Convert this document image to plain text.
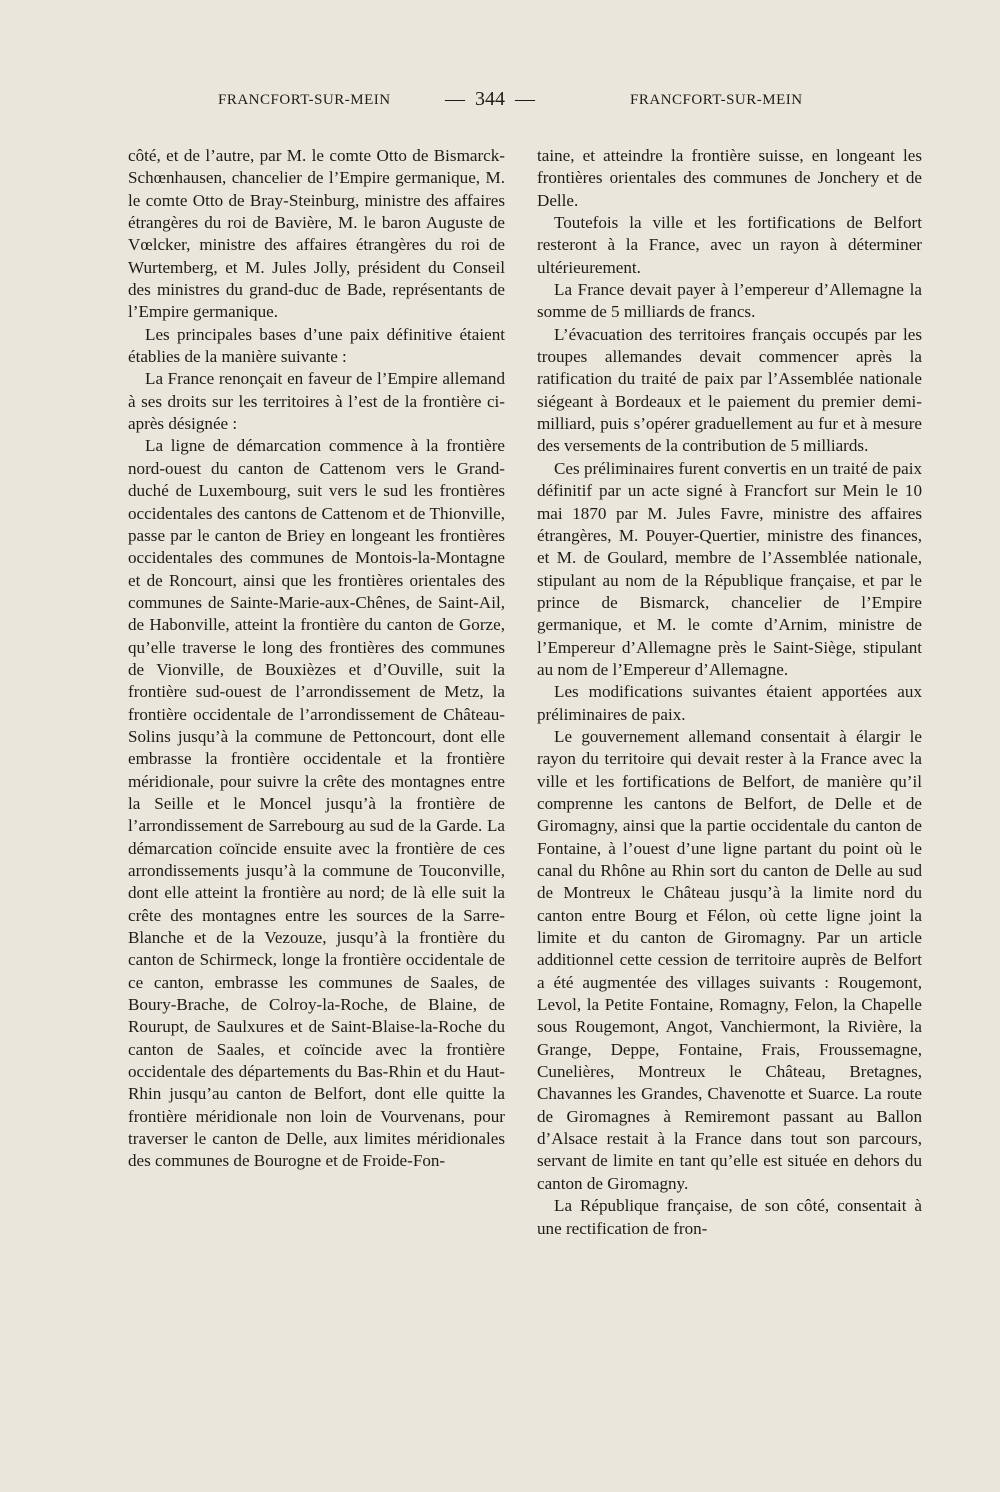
FRANCFORT-SUR-MEIN	—  344  —	FRANCFORT-SUR-MEIN

côté, et de l’autre, par M. le comte Otto de Bismarck-Schœnhausen, chancelier de l’Empire germanique, M. le comte Otto de Bray-Steinburg, ministre des affaires étrangères du roi de Bavière, M. le baron Auguste de Vœlcker, ministre des affaires étrangères du roi de Wurtemberg, et M. Jules Jolly, président du Conseil des ministres du grand-duc de Bade, représentants de l’Empire germanique.

Les principales bases d’une paix définitive étaient établies de la manière suivante :

La France renonçait en faveur de l’Empire allemand à ses droits sur les territoires à l’est de la frontière ci-après désignée :

La ligne de démarcation commence à la frontière nord-ouest du canton de Cattenom vers le Grand-duché de Luxembourg, suit vers le sud les frontières occidentales des cantons de Cattenom et de Thionville, passe par le canton de Briey en longeant les frontières occidentales des communes de Montois-la-Montagne et de Roncourt, ainsi que les frontières orientales des communes de Sainte-Marie-aux-Chênes, de Saint-Ail, de Habonville, atteint la frontière du canton de Gorze, qu’elle traverse le long des frontières des communes de Vionville, de Bouxièzes et d’Ouville, suit la frontière sud-ouest de l’arrondissement de Metz, la frontière occidentale de l’arrondissement de Château-Solins jusqu’à la commune de Pettoncourt, dont elle embrasse la frontière occidentale et la frontière méridionale, pour suivre la crête des montagnes entre la Seille et le Moncel jusqu’à la frontière de l’arrondissement de Sarrebourg au sud de la Garde. La démarcation coïncide ensuite avec la frontière de ces arrondissements jusqu’à la commune de Touconville, dont elle atteint la frontière au nord; de là elle suit la crête des montagnes entre les sources de la Sarre-Blanche et de la Vezouze, jusqu’à la frontière du canton de Schirmeck, longe la frontière occidentale de ce canton, embrasse les communes de Saales, de Boury-Brache, de Colroy-la-Roche, de Blaine, de Rourupt, de Saulxures et de Saint-Blaise-la-Roche du canton de Saales, et coïncide avec la frontière occidentale des départements du Bas-Rhin et du Haut-Rhin jusqu’au canton de Belfort, dont elle quitte la frontière méridionale non loin de Vourvenans, pour traverser le canton de Delle, aux limites méridionales des communes de Bourogne et de Froide-Fon-

taine, et atteindre la frontière suisse, en longeant les frontières orientales des communes de Jonchery et de Delle.

Toutefois la ville et les fortifications de Belfort resteront à la France, avec un rayon à déterminer ultérieurement.

La France devait payer à l’empereur d’Allemagne la somme de 5 milliards de francs.

L’évacuation des territoires français occupés par les troupes allemandes devait commencer après la ratification du traité de paix par l’Assemblée nationale siégeant à Bordeaux et le paiement du premier demi-milliard, puis s’opérer graduellement au fur et à mesure des versements de la contribution de 5 milliards.

Ces préliminaires furent convertis en un traité de paix définitif par un acte signé à Francfort sur Mein le 10 mai 1870 par M. Jules Favre, ministre des affaires étrangères, M. Pouyer-Quertier, ministre des finances, et M. de Goulard, membre de l’Assemblée nationale, stipulant au nom de la République française, et par le prince de Bismarck, chancelier de l’Empire germanique, et M. le comte d’Arnim, ministre de l’Empereur d’Allemagne près le Saint-Siège, stipulant au nom de l’Empereur d’Allemagne.

Les modifications suivantes étaient apportées aux préliminaires de paix.

Le gouvernement allemand consentait à élargir le rayon du territoire qui devait rester à la France avec la ville et les fortifications de Belfort, de manière qu’il comprenne les cantons de Belfort, de Delle et de Giromagny, ainsi que la partie occidentale du canton de Fontaine, à l’ouest d’une ligne partant du point où le canal du Rhône au Rhin sort du canton de Delle au sud de Montreux le Château jusqu’à la limite nord du canton entre Bourg et Félon, où cette ligne joint la limite et du canton de Giromagny. Par un article additionnel cette cession de territoire auprès de Belfort a été augmentée des villages suivants : Rougemont, Levol, la Petite Fontaine, Romagny, Felon, la Chapelle sous Rougemont, Angot, Vanchiermont, la Rivière, la Grange, Deppe, Fontaine, Frais, Froussemagne, Cunelières, Montreux le Château, Bretagnes, Chavannes les Grandes, Chavenotte et Suarce. La route de Giromagnes à Remiremont passant au Ballon d’Alsace restait à la France dans tout son parcours, servant de limite en tant qu’elle est située en dehors du canton de Giromagny.

La République française, de son côté, consentait à une rectification de fron-
